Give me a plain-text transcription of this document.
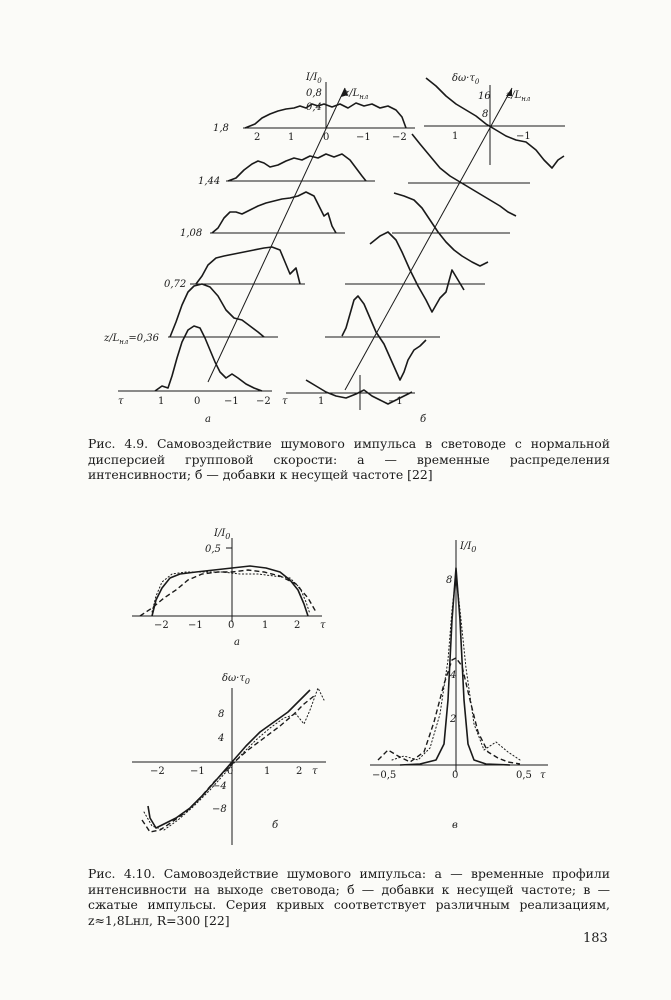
$z/L_{нл}$
$I/I_0$
0,8
0,4
1,8
2	1	0	−1 −2
1,44
1,08
0,72
$z/L_{нл}=0,36$
τ	1	0 −1 −2
а
$z/L_{нл}$
$\delta\omega\cdot\tau_0$
16
8
1	−1
τ	1	−1
б
$I/I_0$
0,5
−2 −1	0	1	2 τ
а
$\delta\omega\cdot\tau_0$
8
4
−4
−8
−2	−1 0	1	2 τ
б
$I/I_0$
8
4
2
−0,5	0	0,5 τ
в
Рис. 4.9. Самовоздействие шумового импульса в световоде с нормальной дисперсией групповой скорости: а — временные распределения интенсивности; б — добавки к несущей частоте [22]
Рис. 4.10. Самовоздействие шумового импульса: а — временные профили интенсивности на выходе световода; б — добавки к несущей частоте; в — сжатые импульсы. Серия кривых соответствует различным реализациям, z≈1,8Lнл, R=300 [22]
183
